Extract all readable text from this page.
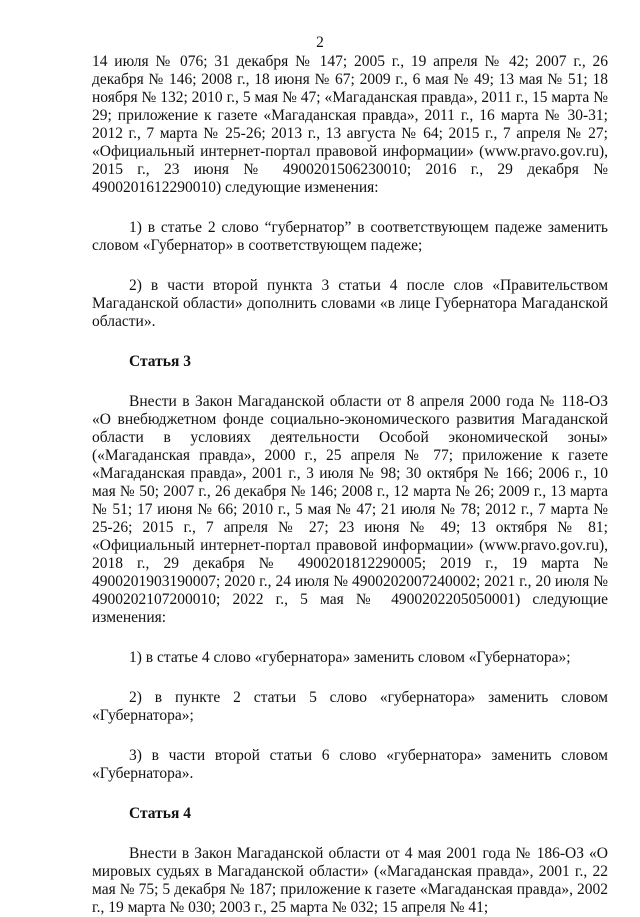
2

14 июля № 076; 31 декабря № 147; 2005 г., 19 апреля № 42; 2007 г., 26 декабря № 146; 2008 г., 18 июня № 67; 2009 г., 6 мая № 49; 13 мая № 51; 18 ноября № 132; 2010 г., 5 мая № 47; «Магаданская правда», 2011 г., 15 марта № 29; приложение к газете «Магаданская правда», 2011 г., 16 марта № 30-31; 2012 г., 7 марта № 25-26; 2013 г., 13 августа № 64; 2015 г., 7 апреля № 27; «Официальный интернет-портал правовой информации» (www.pravo.gov.ru), 2015 г., 23 июня № 4900201506230010; 2016 г., 29 декабря № 4900201612290010) следующие изменения:

1) в статье 2 слово “губернатор” в соответствующем падеже заменить словом «Губернатор» в соответствующем падеже;

2) в части второй пункта 3 статьи 4 после слов «Правительством Магаданской области» дополнить словами «в лице Губернатора Магаданской области».

Статья 3

Внести в Закон Магаданской области от 8 апреля 2000 года № 118-ОЗ «О внебюджетном фонде социально-экономического развития Магаданской области в условиях деятельности Особой экономической зоны» («Магаданская правда», 2000 г., 25 апреля № 77; приложение к газете «Магаданская правда», 2001 г., 3 июля № 98; 30 октября № 166; 2006 г., 10 мая № 50; 2007 г., 26 декабря № 146; 2008 г., 12 марта № 26; 2009 г., 13 марта № 51; 17 июня № 66; 2010 г., 5 мая № 47; 21 июля № 78; 2012 г., 7 марта № 25-26; 2015 г., 7 апреля № 27; 23 июня № 49; 13 октября № 81; «Официальный интернет-портал правовой информации» (www.pravo.gov.ru), 2018 г., 29 декабря № 4900201812290005; 2019 г., 19 марта № 4900201903190007; 2020 г., 24 июля № 4900202007240002; 2021 г., 20 июля № 4900202107200010; 2022 г., 5 мая № 4900202205050001) следующие изменения:

1) в статье 4 слово «губернатора» заменить словом «Губернатора»;

2) в пункте 2 статьи 5 слово «губернатора» заменить словом «Губернатора»;

3) в части второй статьи 6 слово «губернатора» заменить словом «Губернатора».

Статья 4

Внести в Закон Магаданской области от 4 мая 2001 года № 186-ОЗ «О мировых судьях в Магаданской области» («Магаданская правда», 2001 г., 22 мая № 75; 5 декабря № 187; приложение к газете «Магаданская правда», 2002 г., 19 марта № 030; 2003 г., 25 марта № 032; 15 апреля № 41;
